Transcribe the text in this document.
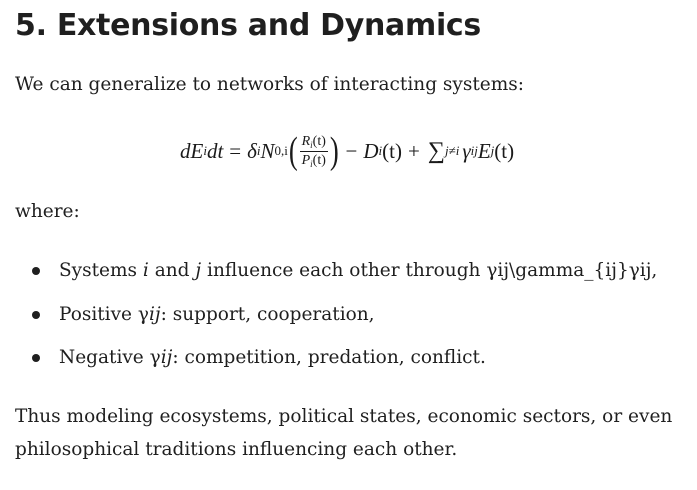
5. Extensions and Dynamics

We can generalize to networks of interacting systems:

dE i dt = δ i N 0,i ( $\frac{R_i(t)}{P_i(t)}$ ) − D i (t) + ∑ j≠i γ ij E j (t)

where:

Systems i and j influence each other through γij\gamma_{ij}γij,
Positive γij: support, cooperation,
Negative γij: competition, predation, conflict.

Thus modeling ecosystems, political states, economic sectors, or even philosophical traditions influencing each other.
